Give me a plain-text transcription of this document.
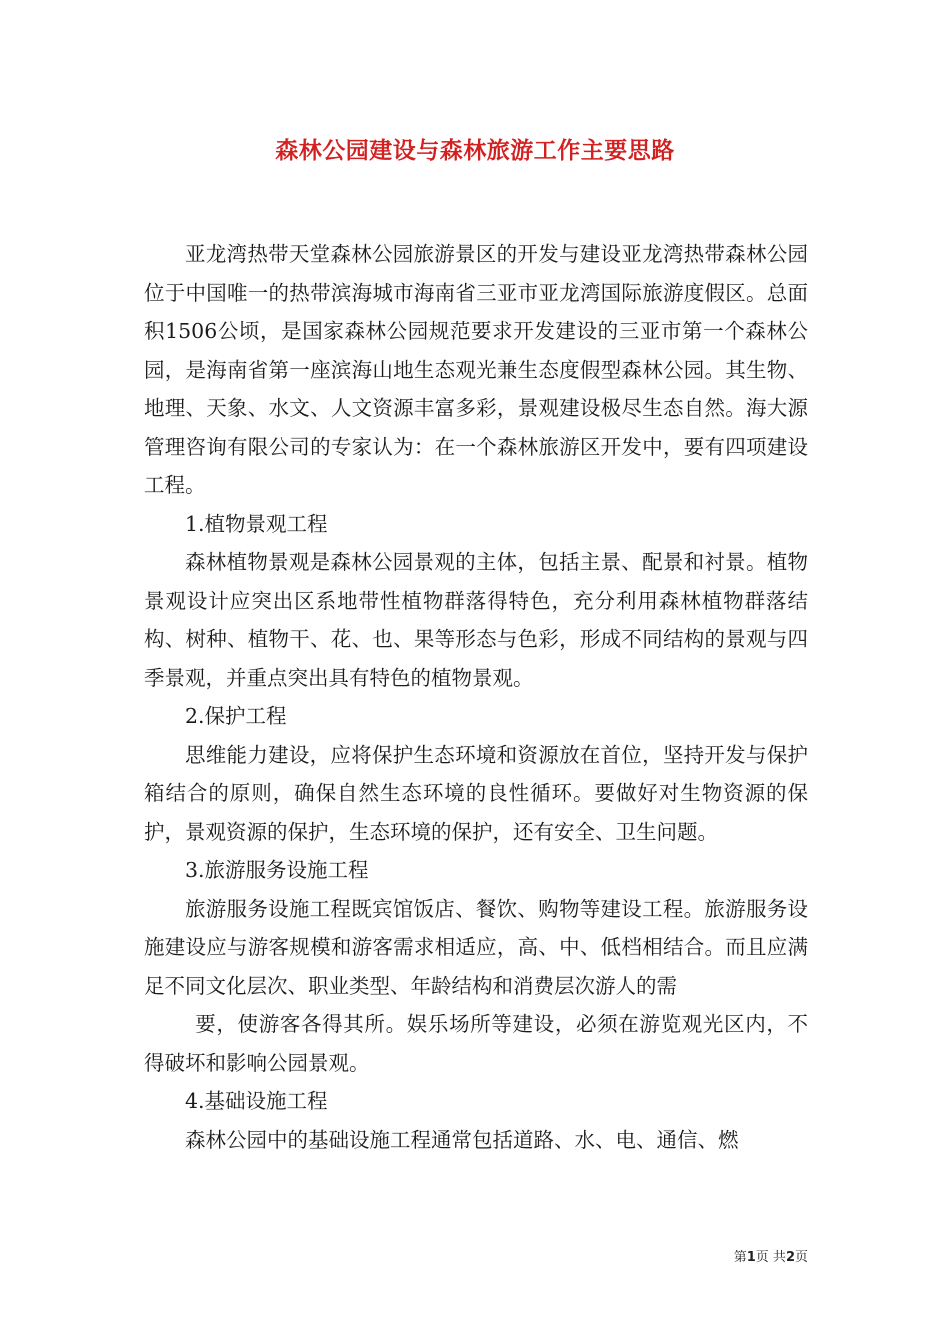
森林公园建设与森林旅游工作主要思路

亚龙湾热带天堂森林公园旅游景区的开发与建设亚龙湾热带森林公园位于中国唯一的热带滨海城市海南省三亚市亚龙湾国际旅游度假区。总面积1506公顷，是国家森林公园规范要求开发建设的三亚市第一个森林公园，是海南省第一座滨海山地生态观光兼生态度假型森林公园。其生物、地理、天象、水文、人文资源丰富多彩，景观建设极尽生态自然。海大源管理咨询有限公司的专家认为：在一个森林旅游区开发中，要有四项建设工程。

1.植物景观工程

森林植物景观是森林公园景观的主体，包括主景、配景和衬景。植物景观设计应突出区系地带性植物群落得特色，充分利用森林植物群落结构、树种、植物干、花、也、果等形态与色彩，形成不同结构的景观与四季景观，并重点突出具有特色的植物景观。

2.保护工程

思维能力建设，应将保护生态环境和资源放在首位，坚持开发与保护箱结合的原则，确保自然生态环境的良性循环。要做好对生物资源的保护，景观资源的保护，生态环境的保护，还有安全、卫生问题。

3.旅游服务设施工程

旅游服务设施工程既宾馆饭店、餐饮、购物等建设工程。旅游服务设施建设应与游客规模和游客需求相适应，高、中、低档相结合。而且应满足不同文化层次、职业类型、年龄结构和消费层次游人的需

要，使游客各得其所。娱乐场所等建设，必须在游览观光区内，不得破坏和影响公园景观。

4.基础设施工程

森林公园中的基础设施工程通常包括道路、水、电、通信、燃

第1页 共2页
